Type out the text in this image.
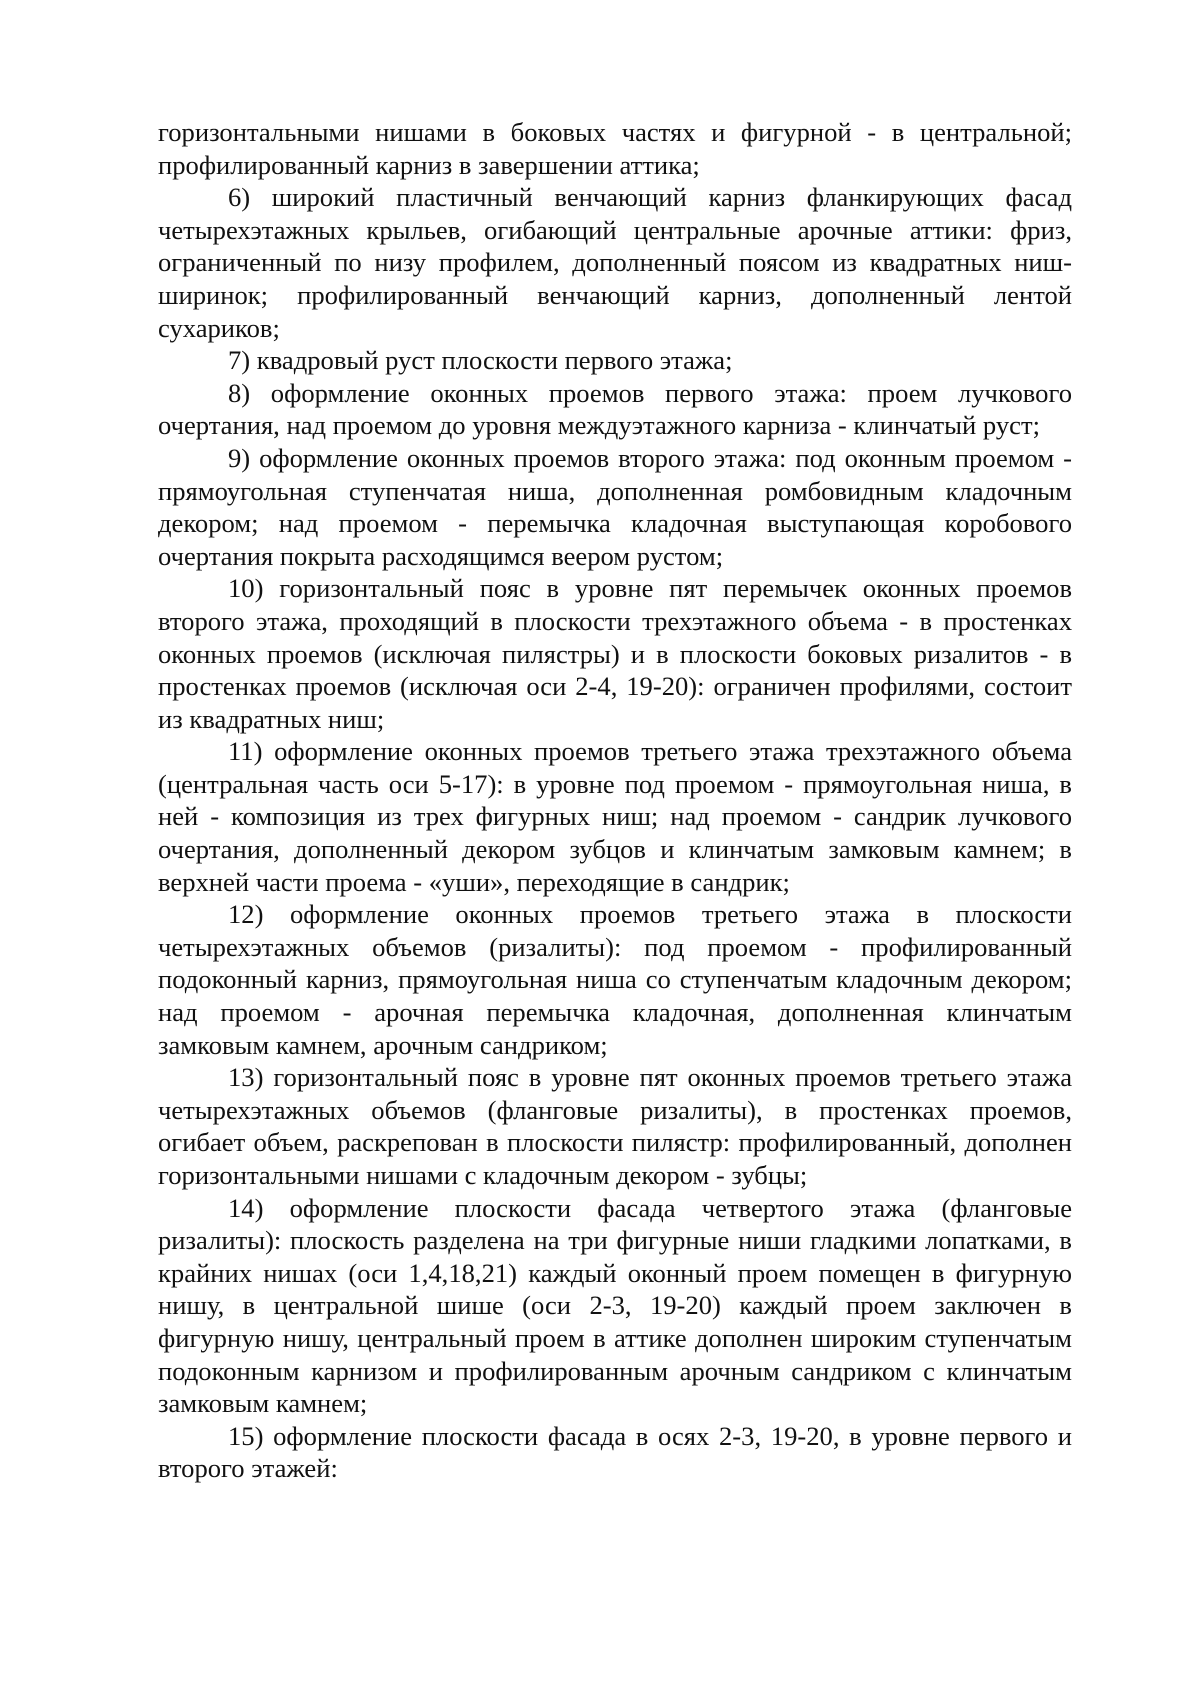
горизонтальными нишами в боковых частях и фигурной - в центральной; профилированный карниз в завершении аттика;

6) широкий пластичный венчающий карниз фланкирующих фасад четырехэтажных крыльев, огибающий центральные арочные аттики: фриз, ограниченный по низу профилем, дополненный поясом из квадратных ниш-ширинок; профилированный венчающий карниз, дополненный лентой сухариков;

7) квадровый руст плоскости первого этажа;

8) оформление оконных проемов первого этажа: проем лучкового очертания, над проемом до уровня междуэтажного карниза - клинчатый руст;

9) оформление оконных проемов второго этажа: под оконным проемом - прямоугольная ступенчатая ниша, дополненная ромбовидным кладочным декором; над проемом - перемычка кладочная выступающая коробового очертания покрыта расходящимся веером рустом;

10) горизонтальный пояс в уровне пят перемычек оконных проемов второго этажа, проходящий в плоскости трехэтажного объема - в простенках оконных проемов (исключая пилястры) и в плоскости боковых ризалитов - в простенках проемов (исключая оси 2-4, 19-20): ограничен профилями, состоит из квадратных ниш;

11) оформление оконных проемов третьего этажа трехэтажного объема (центральная часть оси 5-17): в уровне под проемом - прямоугольная ниша, в ней - композиция из трех фигурных ниш; над проемом - сандрик лучкового очертания, дополненный декором зубцов и клинчатым замковым камнем; в верхней части проема - «уши», переходящие в сандрик;

12) оформление оконных проемов третьего этажа в плоскости четырехэтажных объемов (ризалиты): под проемом - профилированный подоконный карниз, прямоугольная ниша со ступенчатым кладочным декором; над проемом - арочная перемычка кладочная, дополненная клинчатым замковым камнем, арочным сандриком;

13) горизонтальный пояс в уровне пят оконных проемов третьего этажа четырехэтажных объемов (фланговые ризалиты), в простенках проемов, огибает объем, раскрепован в плоскости пилястр: профилированный, дополнен горизонтальными нишами с кладочным декором - зубцы;

14) оформление плоскости фасада четвертого этажа (фланговые ризалиты): плоскость разделена на три фигурные ниши гладкими лопатками, в крайних нишах (оси 1,4,18,21) каждый оконный проем помещен в фигурную нишу, в центральной шише (оси 2-3, 19-20) каждый проем заключен в фигурную нишу, центральный проем в аттике дополнен широким ступенчатым подоконным карнизом и профилированным арочным сандриком с клинчатым замковым камнем;

15) оформление плоскости фасада в осях 2-3, 19-20, в уровне первого и второго этажей:
